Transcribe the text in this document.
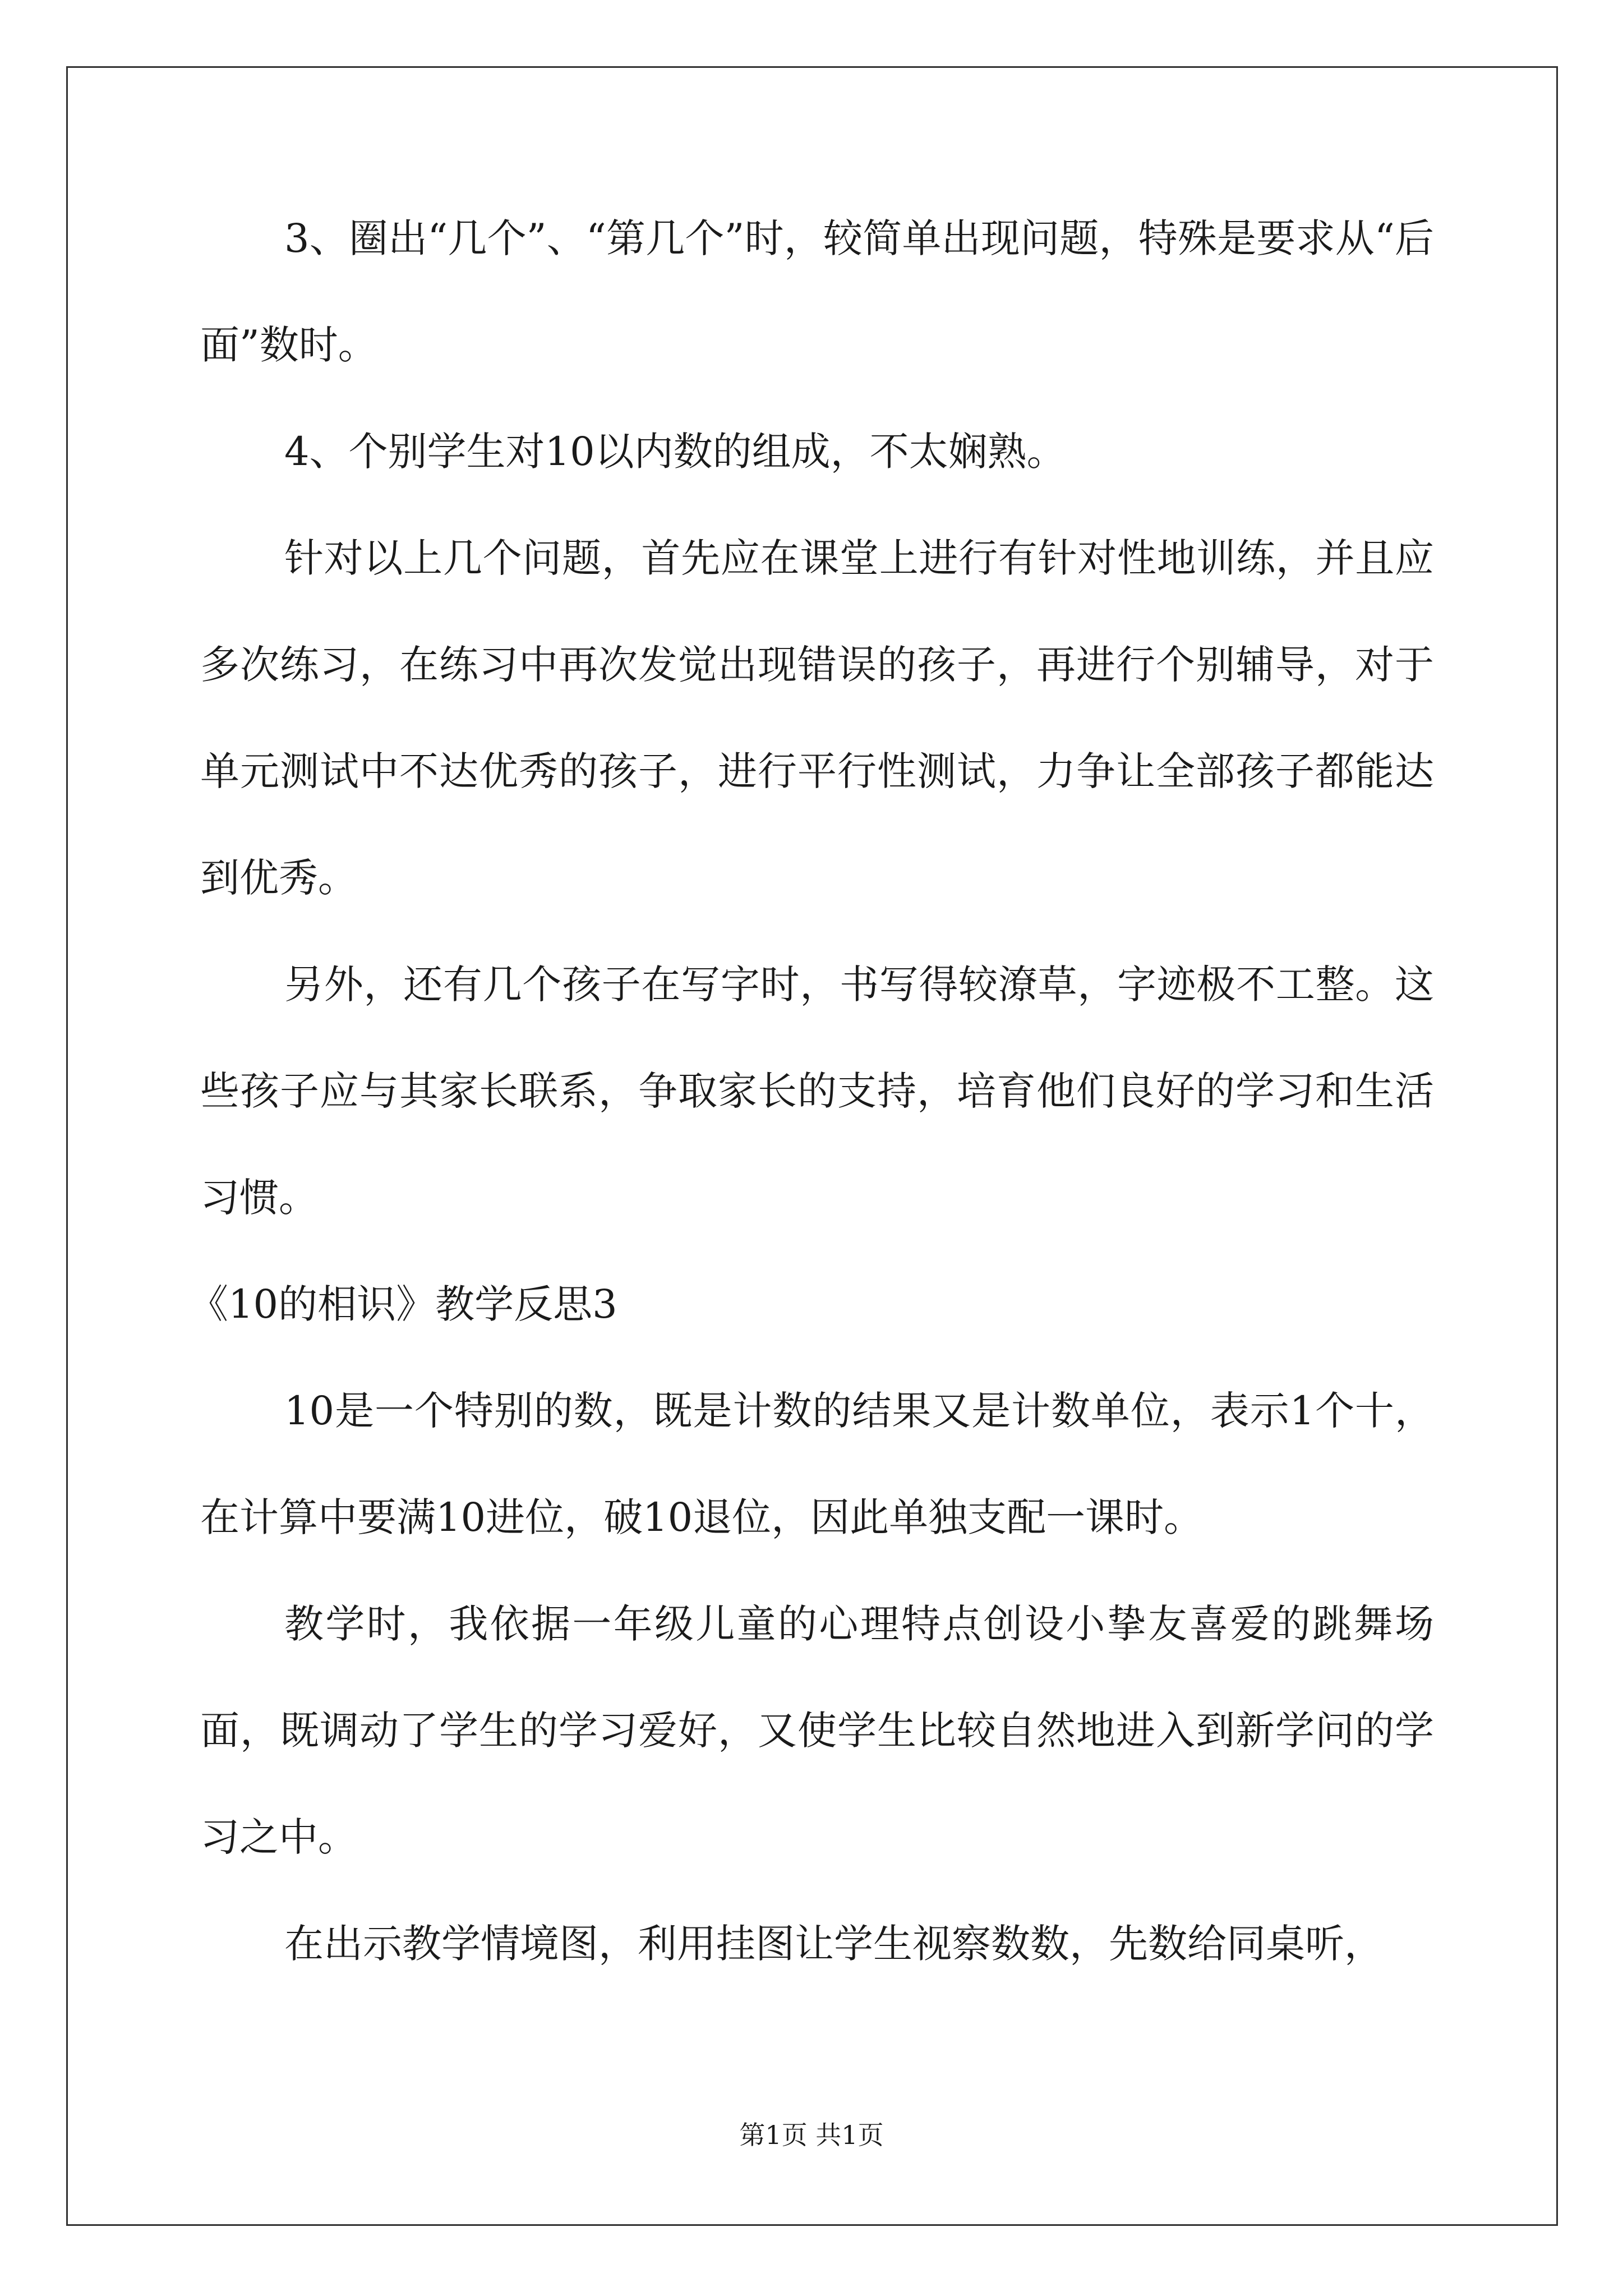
3、圈出“几个”、“第几个”时，较简单出现问题，特殊是要求从“后面”数时。

4、个别学生对10以内数的组成，不太娴熟。

针对以上几个问题，首先应在课堂上进行有针对性地训练，并且应多次练习，在练习中再次发觉出现错误的孩子，再进行个别辅导，对于单元测试中不达优秀的孩子，进行平行性测试，力争让全部孩子都能达到优秀。

另外，还有几个孩子在写字时，书写得较潦草，字迹极不工整。这些孩子应与其家长联系，争取家长的支持，培育他们良好的学习和生活习惯。

《10的相识》教学反思3

10是一个特别的数，既是计数的结果又是计数单位，表示1个十，在计算中要满10进位，破10退位，因此单独支配一课时。

教学时，我依据一年级儿童的心理特点创设小挚友喜爱的跳舞场面，既调动了学生的学习爱好，又使学生比较自然地进入到新学问的学习之中。

在出示教学情境图，利用挂图让学生视察数数，先数给同桌听，

第1页 共1页
